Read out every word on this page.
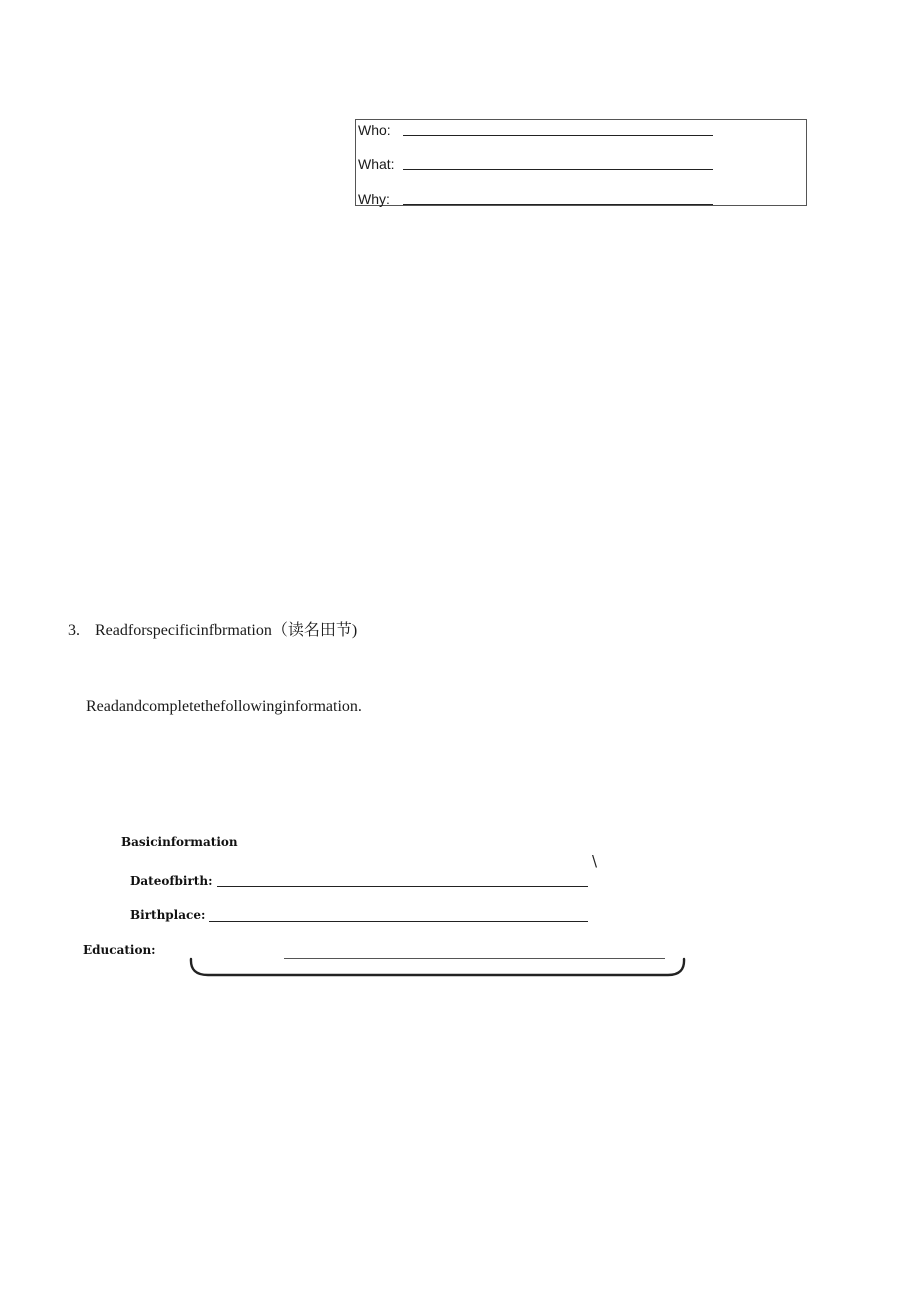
Who:
What:
Why:
3. Readforspecificinfbrmation（读名田节)
Readandcompletethefollowinginformation.
Basicinformation
\
Dateofbirth:
Birthplace:
Education:
